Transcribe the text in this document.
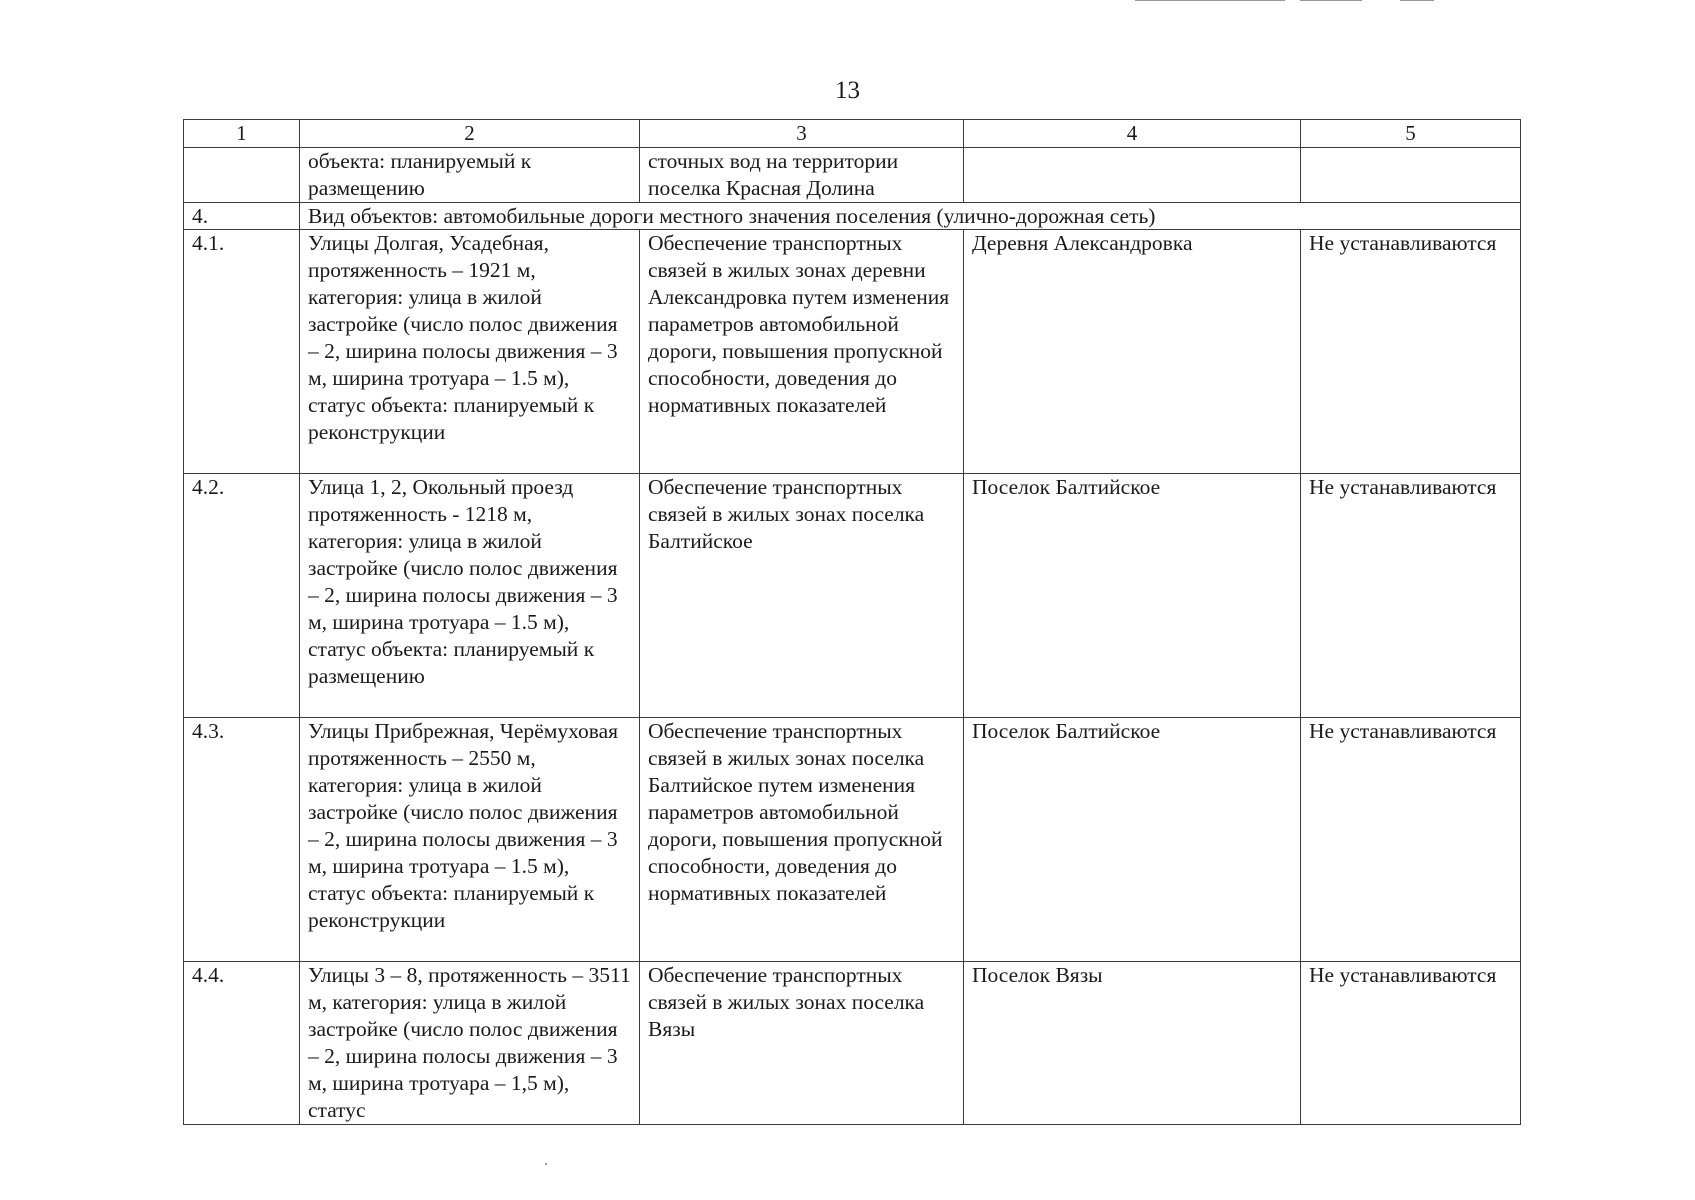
13
1	2	3	4	5
	объекта: планируемый к размещению	сточных вод на территории поселка Красная Долина		
4.	Вид объектов: автомобильные дороги местного значения поселения (улично-дорожная сеть)			
4.1.	Улицы Долгая, Усадебная, протяженность – 1921 м, категория: улица в жилой застройке (число полос движения – 2, ширина полосы движения – 3 м, ширина тротуара – 1.5 м), статус объекта: планируемый к реконструкции	Обеспечение транспортных связей в жилых зонах деревни Александровка путем изменения параметров автомобильной дороги, повышения пропускной способности, доведения до нормативных показателей	Деревня Александровка	Не устанавливаются
4.2.	Улица 1, 2, Окольный проезд протяженность - 1218 м, категория: улица в жилой застройке (число полос движения – 2, ширина полосы движения – 3 м, ширина тротуара – 1.5 м), статус объекта: планируемый к размещению	Обеспечение транспортных связей в жилых зонах поселка Балтийское	Поселок Балтийское	Не устанавливаются
4.3.	Улицы Прибрежная, Черёмуховая протяженность – 2550 м, категория: улица в жилой застройке (число полос движения – 2, ширина полосы движения – 3 м, ширина тротуара – 1.5 м), статус объекта: планируемый к реконструкции	Обеспечение транспортных связей в жилых зонах поселка Балтийское путем изменения параметров автомобильной дороги, повышения пропускной способности, доведения до нормативных показателей	Поселок Балтийское	Не устанавливаются
4.4.	Улицы 3 – 8, протяженность – 3511 м, категория: улица в жилой застройке (число полос движения – 2, ширина полосы движения – 3 м, ширина тротуара – 1,5 м), статус	Обеспечение транспортных связей в жилых зонах поселка Вязы	Поселок Вязы	Не устанавливаются
